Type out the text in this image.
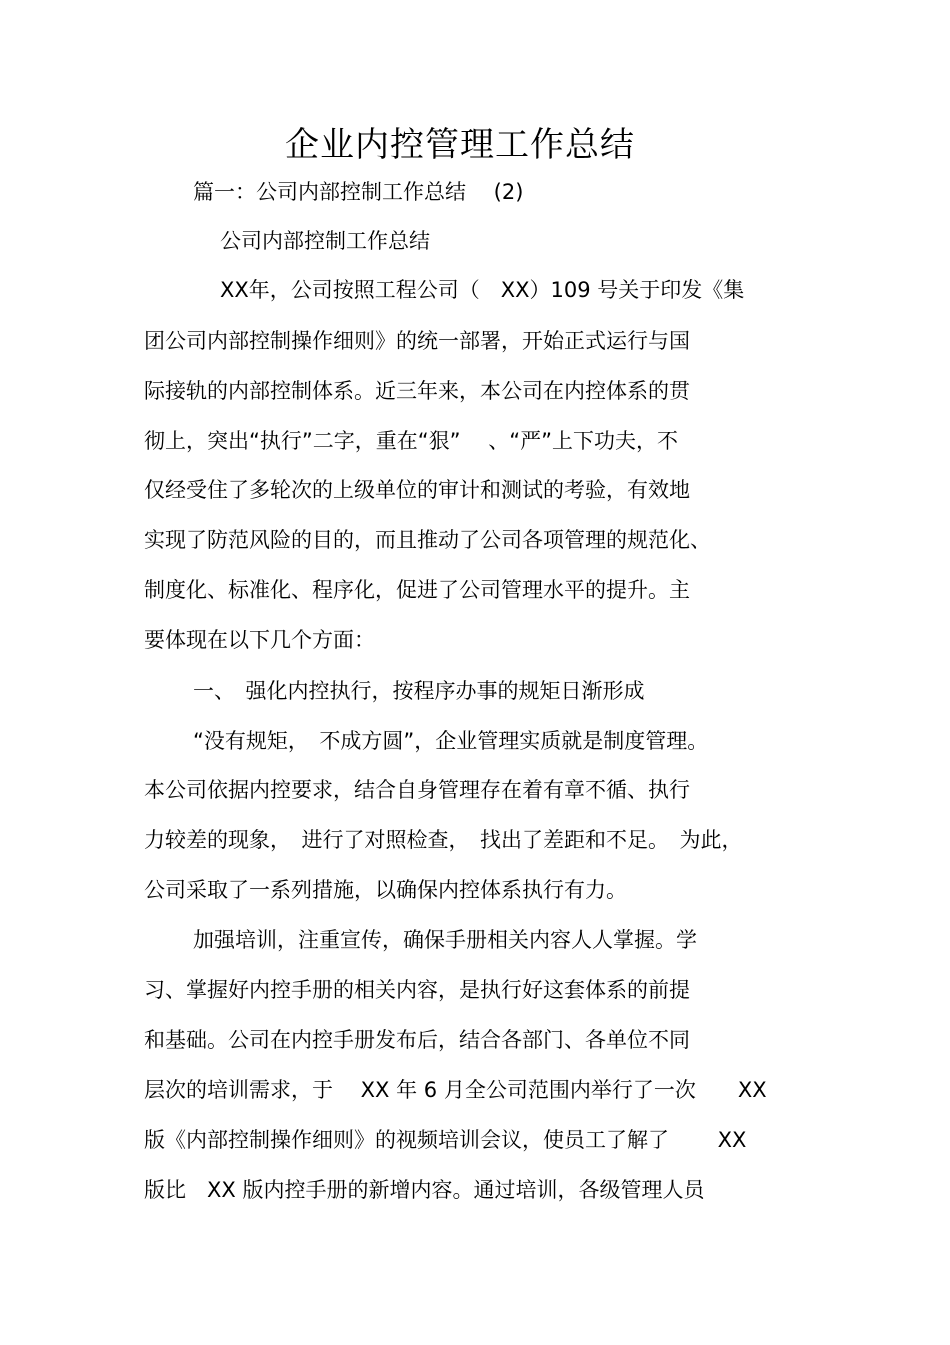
企业内控管理工作总结
篇一：公司内部控制工作总结　 (2)
公司内部控制工作总结
XX年，公司按照工程公司（　XX）109 号关于印发《集
团公司内部控制操作细则》的统一部署，开始正式运行与国
际接轨的内部控制体系。近三年来，本公司在内控体系的贯
彻上，突出“执行”二字，重在“狠”　 、“严”上下功夫，不
仅经受住了多轮次的上级单位的审计和测试的考验，有效地
实现了防范风险的目的，而且推动了公司各项管理的规范化、
制度化、标准化、程序化，促进了公司管理水平的提升。主
要体现在以下几个方面：
一、　强化内控执行，按程序办事的规矩日渐形成
“没有规矩，　不成方圆”，企业管理实质就是制度管理。
本公司依据内控要求，结合自身管理存在着有章不循、执行
力较差的现象，　进行了对照检查，　找出了差距和不足。　为此，
公司采取了一系列措施，以确保内控体系执行有力。
加强培训，注重宣传，确保手册相关内容人人掌握。学
习、掌握好内控手册的相关内容，是执行好这套体系的前提
和基础。公司在内控手册发布后，结合各部门、各单位不同
层次的培训需求，于　 XX 年 6 月全公司范围内举行了一次　　XX
版《内部控制操作细则》的视频培训会议，使员工了解了　　 XX
版比　XX 版内控手册的新增内容。通过培训，各级管理人员
